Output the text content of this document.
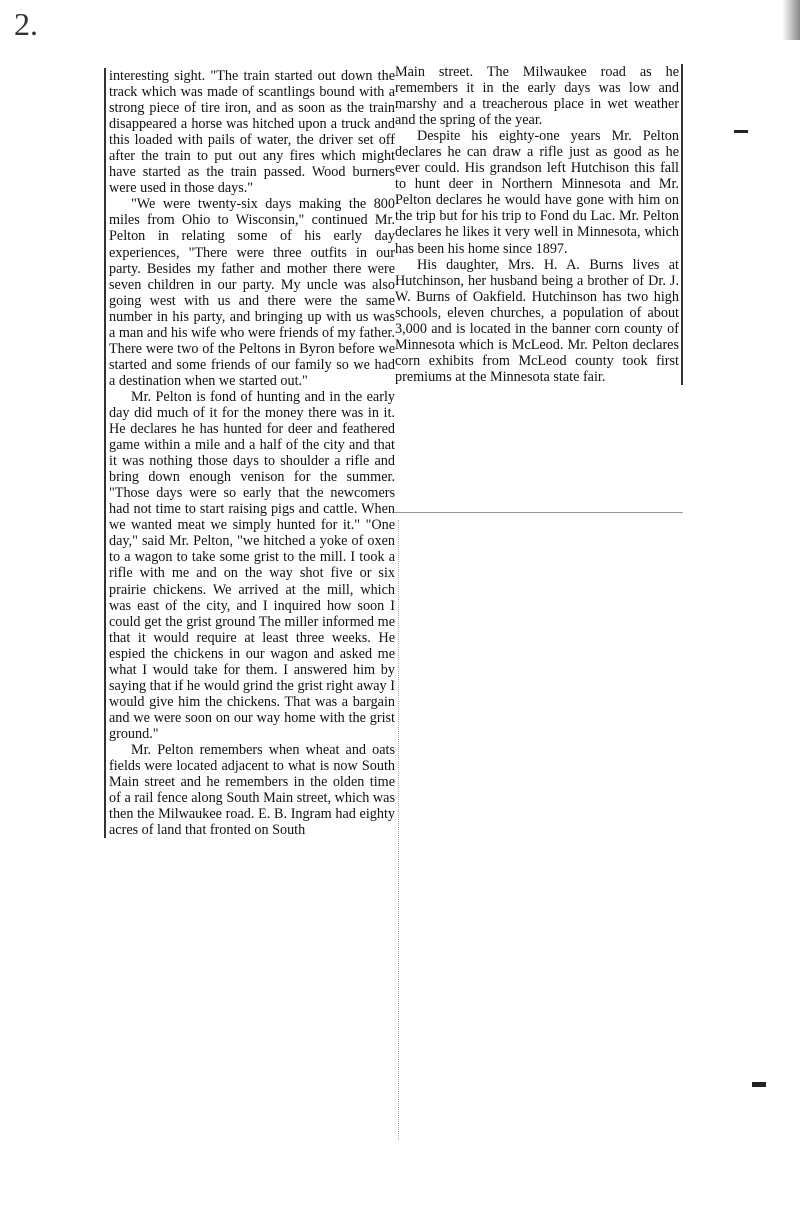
2.

interesting sight. "The train started out down the track which was made of scantlings bound with a strong piece of tire iron, and as soon as the train disappeared a horse was hitched upon a truck and this loaded with pails of water, the driver set off after the train to put out any fires which might have started as the train passed. Wood burners were used in those days."

"We were twenty-six days making the 800 miles from Ohio to Wisconsin," continued Mr. Pelton in relating some of his early day experiences, "There were three outfits in our party. Besides my father and mother there were seven children in our party. My uncle was also going west with us and there were the same number in his party, and bringing up with us was a man and his wife who were friends of my father. There were two of the Peltons in Byron before we started and some friends of our family so we had a destination when we started out."

Mr. Pelton is fond of hunting and in the early day did much of it for the money there was in it. He declares he has hunted for deer and feathered game within a mile and a half of the city and that it was nothing those days to shoulder a rifle and bring down enough venison for the summer. "Those days were so early that the newcomers had not time to start raising pigs and cattle. When we wanted meat we simply hunted for it." "One day," said Mr. Pelton, "we hitched a yoke of oxen to a wagon to take some grist to the mill. I took a rifle with me and on the way shot five or six prairie chickens. We arrived at the mill, which was east of the city, and I inquired how soon I could get the grist ground The miller informed me that it would require at least three weeks. He espied the chickens in our wagon and asked me what I would take for them. I answered him by saying that if he would grind the grist right away I would give him the chickens. That was a bargain and we were soon on our way home with the grist ground."

Mr. Pelton remembers when wheat and oats fields were located adjacent to what is now South Main street and he remembers in the olden time of a rail fence along South Main street, which was then the Milwaukee road. E. B. Ingram had eighty acres of land that fronted on South

Main street. The Milwaukee road as he remembers it in the early days was low and marshy and a treacherous place in wet weather and the spring of the year.

Despite his eighty-one years Mr. Pelton declares he can draw a rifle just as good as he ever could. His grandson left Hutchison this fall to hunt deer in Northern Minnesota and Mr. Pelton declares he would have gone with him on the trip but for his trip to Fond du Lac. Mr. Pelton declares he likes it very well in Minnesota, which has been his home since 1897.

His daughter, Mrs. H. A. Burns lives at Hutchinson, her husband being a brother of Dr. J. W. Burns of Oakfield. Hutchinson has two high schools, eleven churches, a population of about 3,000 and is located in the banner corn county of Minnesota which is McLeod. Mr. Pelton declares corn exhibits from McLeod county took first premiums at the Minnesota state fair.
